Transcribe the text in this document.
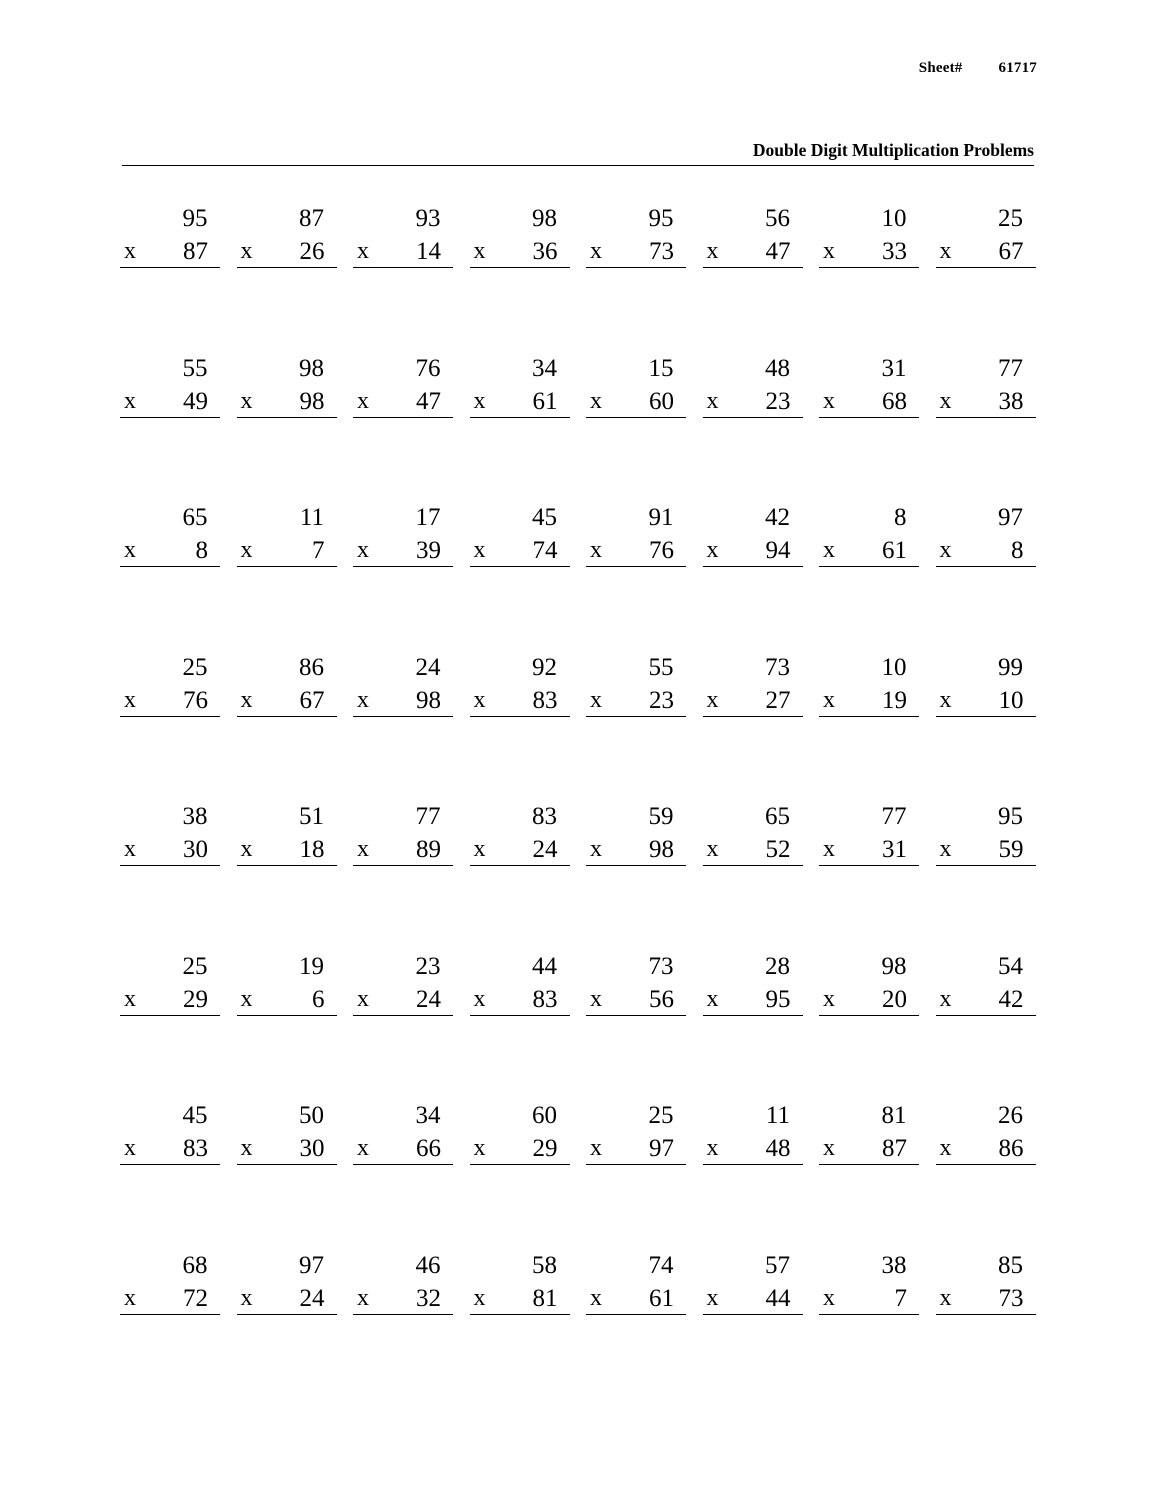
Sheet# 61717
Double Digit Multiplication Problems
95
x 87
87
x 26
93
x 14
98
x 36
95
x 73
56
x 47
10
x 33
25
x 67
55
x 49
98
x 98
76
x 47
34
x 61
15
x 60
48
x 23
31
x 68
77
x 38
65
x 8
11
x 7
17
x 39
45
x 74
91
x 76
42
x 94
8
x 61
97
x 8
25
x 76
86
x 67
24
x 98
92
x 83
55
x 23
73
x 27
10
x 19
99
x 10
38
x 30
51
x 18
77
x 89
83
x 24
59
x 98
65
x 52
77
x 31
95
x 59
25
x 29
19
x 6
23
x 24
44
x 83
73
x 56
28
x 95
98
x 20
54
x 42
45
x 83
50
x 30
34
x 66
60
x 29
25
x 97
11
x 48
81
x 87
26
x 86
68
x 72
97
x 24
46
x 32
58
x 81
74
x 61
57
x 44
38
x 7
85
x 73
